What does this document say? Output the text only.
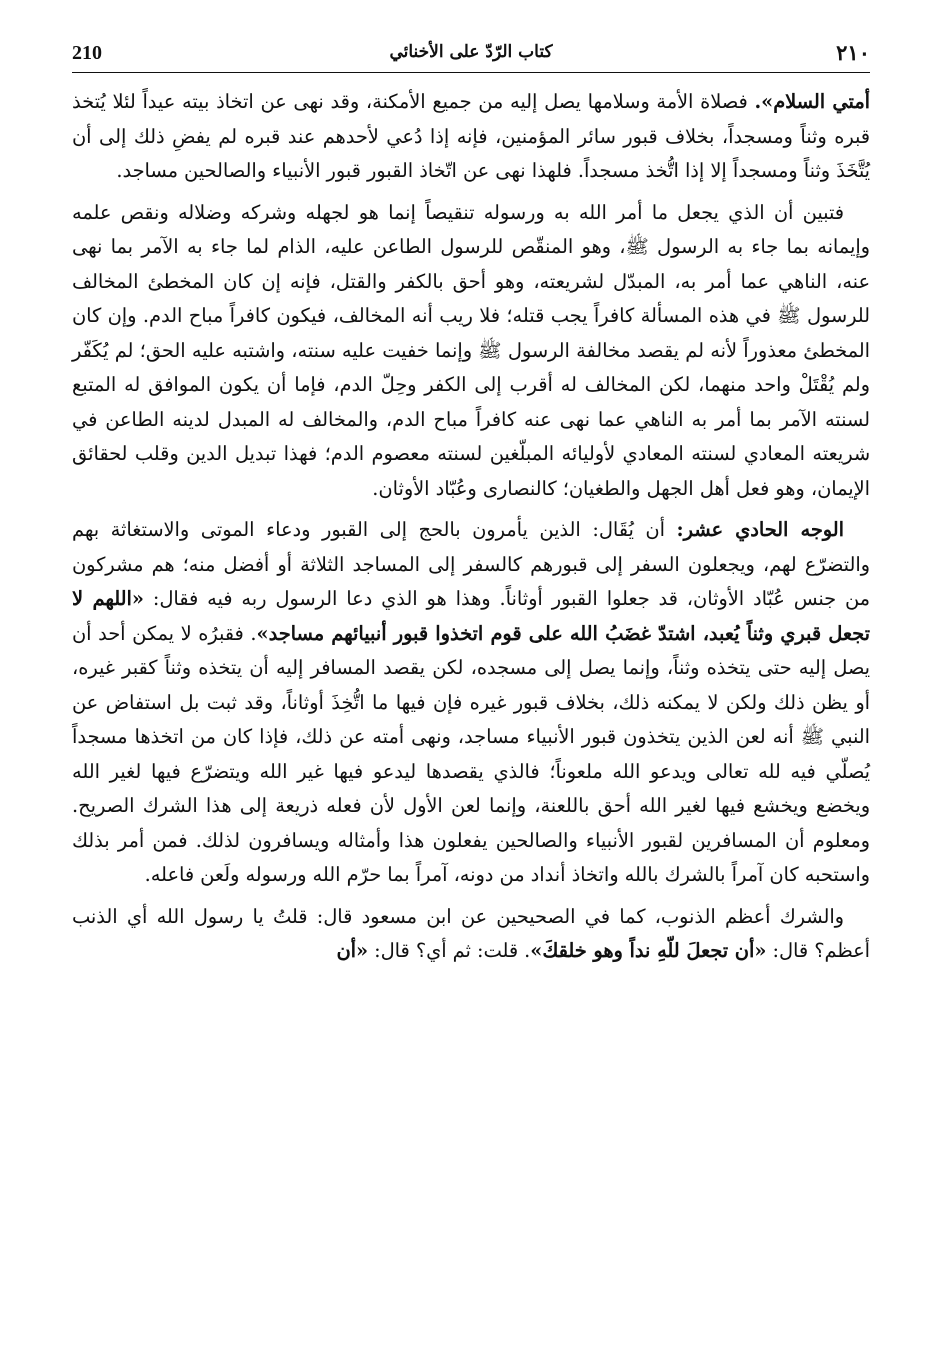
210	كتاب الرّدّ على الأخنائي	٢١٠

أمتي السلام». فصلاة الأمة وسلامها يصل إليه من جميع الأمكنة، وقد نهى عن اتخاذ بيته عيداً لئلا يُتخذ قبره وثناً ومسجداً، بخلاف قبور سائر المؤمنين، فإنه إذا دُعي لأحدهم عند قبره لم يفضِ ذلك إلى أن يُتَّخَذَ وثناً ومسجداً إلا إذا اتُّخذ مسجداً. فلهذا نهى عن اتّخاذ القبور قبور الأنبياء والصالحين مساجد.

فتبين أن الذي يجعل ما أمر الله به ورسوله تنقيصاً إنما هو لجهله وشركه وضلاله ونقص علمه وإيمانه بما جاء به الرسول ﷺ، وهو المنقّص للرسول الطاعن عليه، الذام لما جاء به الآمر بما نهى عنه، الناهي عما أمر به، المبدّل لشريعته، وهو أحق بالكفر والقتل، فإنه إن كان المخطئ المخالف للرسول ﷺ في هذه المسألة كافراً يجب قتله؛ فلا ريب أنه المخالف، فيكون كافراً مباح الدم. وإن كان المخطئ معذوراً لأنه لم يقصد مخالفة الرسول ﷺ وإنما خفيت عليه سنته، واشتبه عليه الحق؛ لم يُكَفّر ولم يُقْتَلْ واحد منهما، لكن المخالف له أقرب إلى الكفر وحِلّ الدم، فإما أن يكون الموافق له المتبع لسنته الآمر بما أمر به الناهي عما نهى عنه كافراً مباح الدم، والمخالف له المبدل لدينه الطاعن في شريعته المعادي لسنته المعادي لأوليائه المبلّغين لسنته معصوم الدم؛ فهذا تبديل الدين وقلب لحقائق الإيمان، وهو فعل أهل الجهل والطغيان؛ كالنصارى وعُبّاد الأوثان.

الوجه الحادي عشر: أن يُقَال: الذين يأمرون بالحج إلى القبور ودعاء الموتى والاستغاثة بهم والتضرّع لهم، ويجعلون السفر إلى قبورهم كالسفر إلى المساجد الثلاثة أو أفضل منه؛ هم مشركون من جنس عُبّاد الأوثان، قد جعلوا القبور أوثاناً. وهذا هو الذي دعا الرسول ربه فيه فقال: «اللهم لا تجعل قبري وثناً يُعبد، اشتدّ غضَبُ الله على قوم اتخذوا قبور أنبيائهم مساجد». فقبرُه لا يمكن أحد أن يصل إليه حتى يتخذه وثناً، وإنما يصل إلى مسجده، لكن يقصد المسافر إليه أن يتخذه وثناً كقبر غيره، أو يظن ذلك ولكن لا يمكنه ذلك، بخلاف قبور غيره فإن فيها ما اتُّخِذَ أوثاناً، وقد ثبت بل استفاض عن النبي ﷺ أنه لعن الذين يتخذون قبور الأنبياء مساجد، ونهى أمته عن ذلك، فإذا كان من اتخذها مسجداً يُصلّي فيه لله تعالى ويدعو الله ملعوناً؛ فالذي يقصدها ليدعو فيها غير الله ويتضرّع فيها لغير الله ويخضع ويخشع فيها لغير الله أحق باللعنة، وإنما لعن الأول لأن فعله ذريعة إلى هذا الشرك الصريح. ومعلوم أن المسافرين لقبور الأنبياء والصالحين يفعلون هذا وأمثاله ويسافرون لذلك. فمن أمر بذلك واستحبه كان آمراً بالشرك بالله واتخاذ أنداد من دونه، آمراً بما حرّم الله ورسوله ولَعن فاعله.

والشرك أعظم الذنوب، كما في الصحيحين عن ابن مسعود قال: قلتُ يا رسول الله أي الذنب أعظم؟ قال: «أن تجعلَ للّهِ نداً وهو خلقكَ». قلت: ثم أي؟ قال: «أن
